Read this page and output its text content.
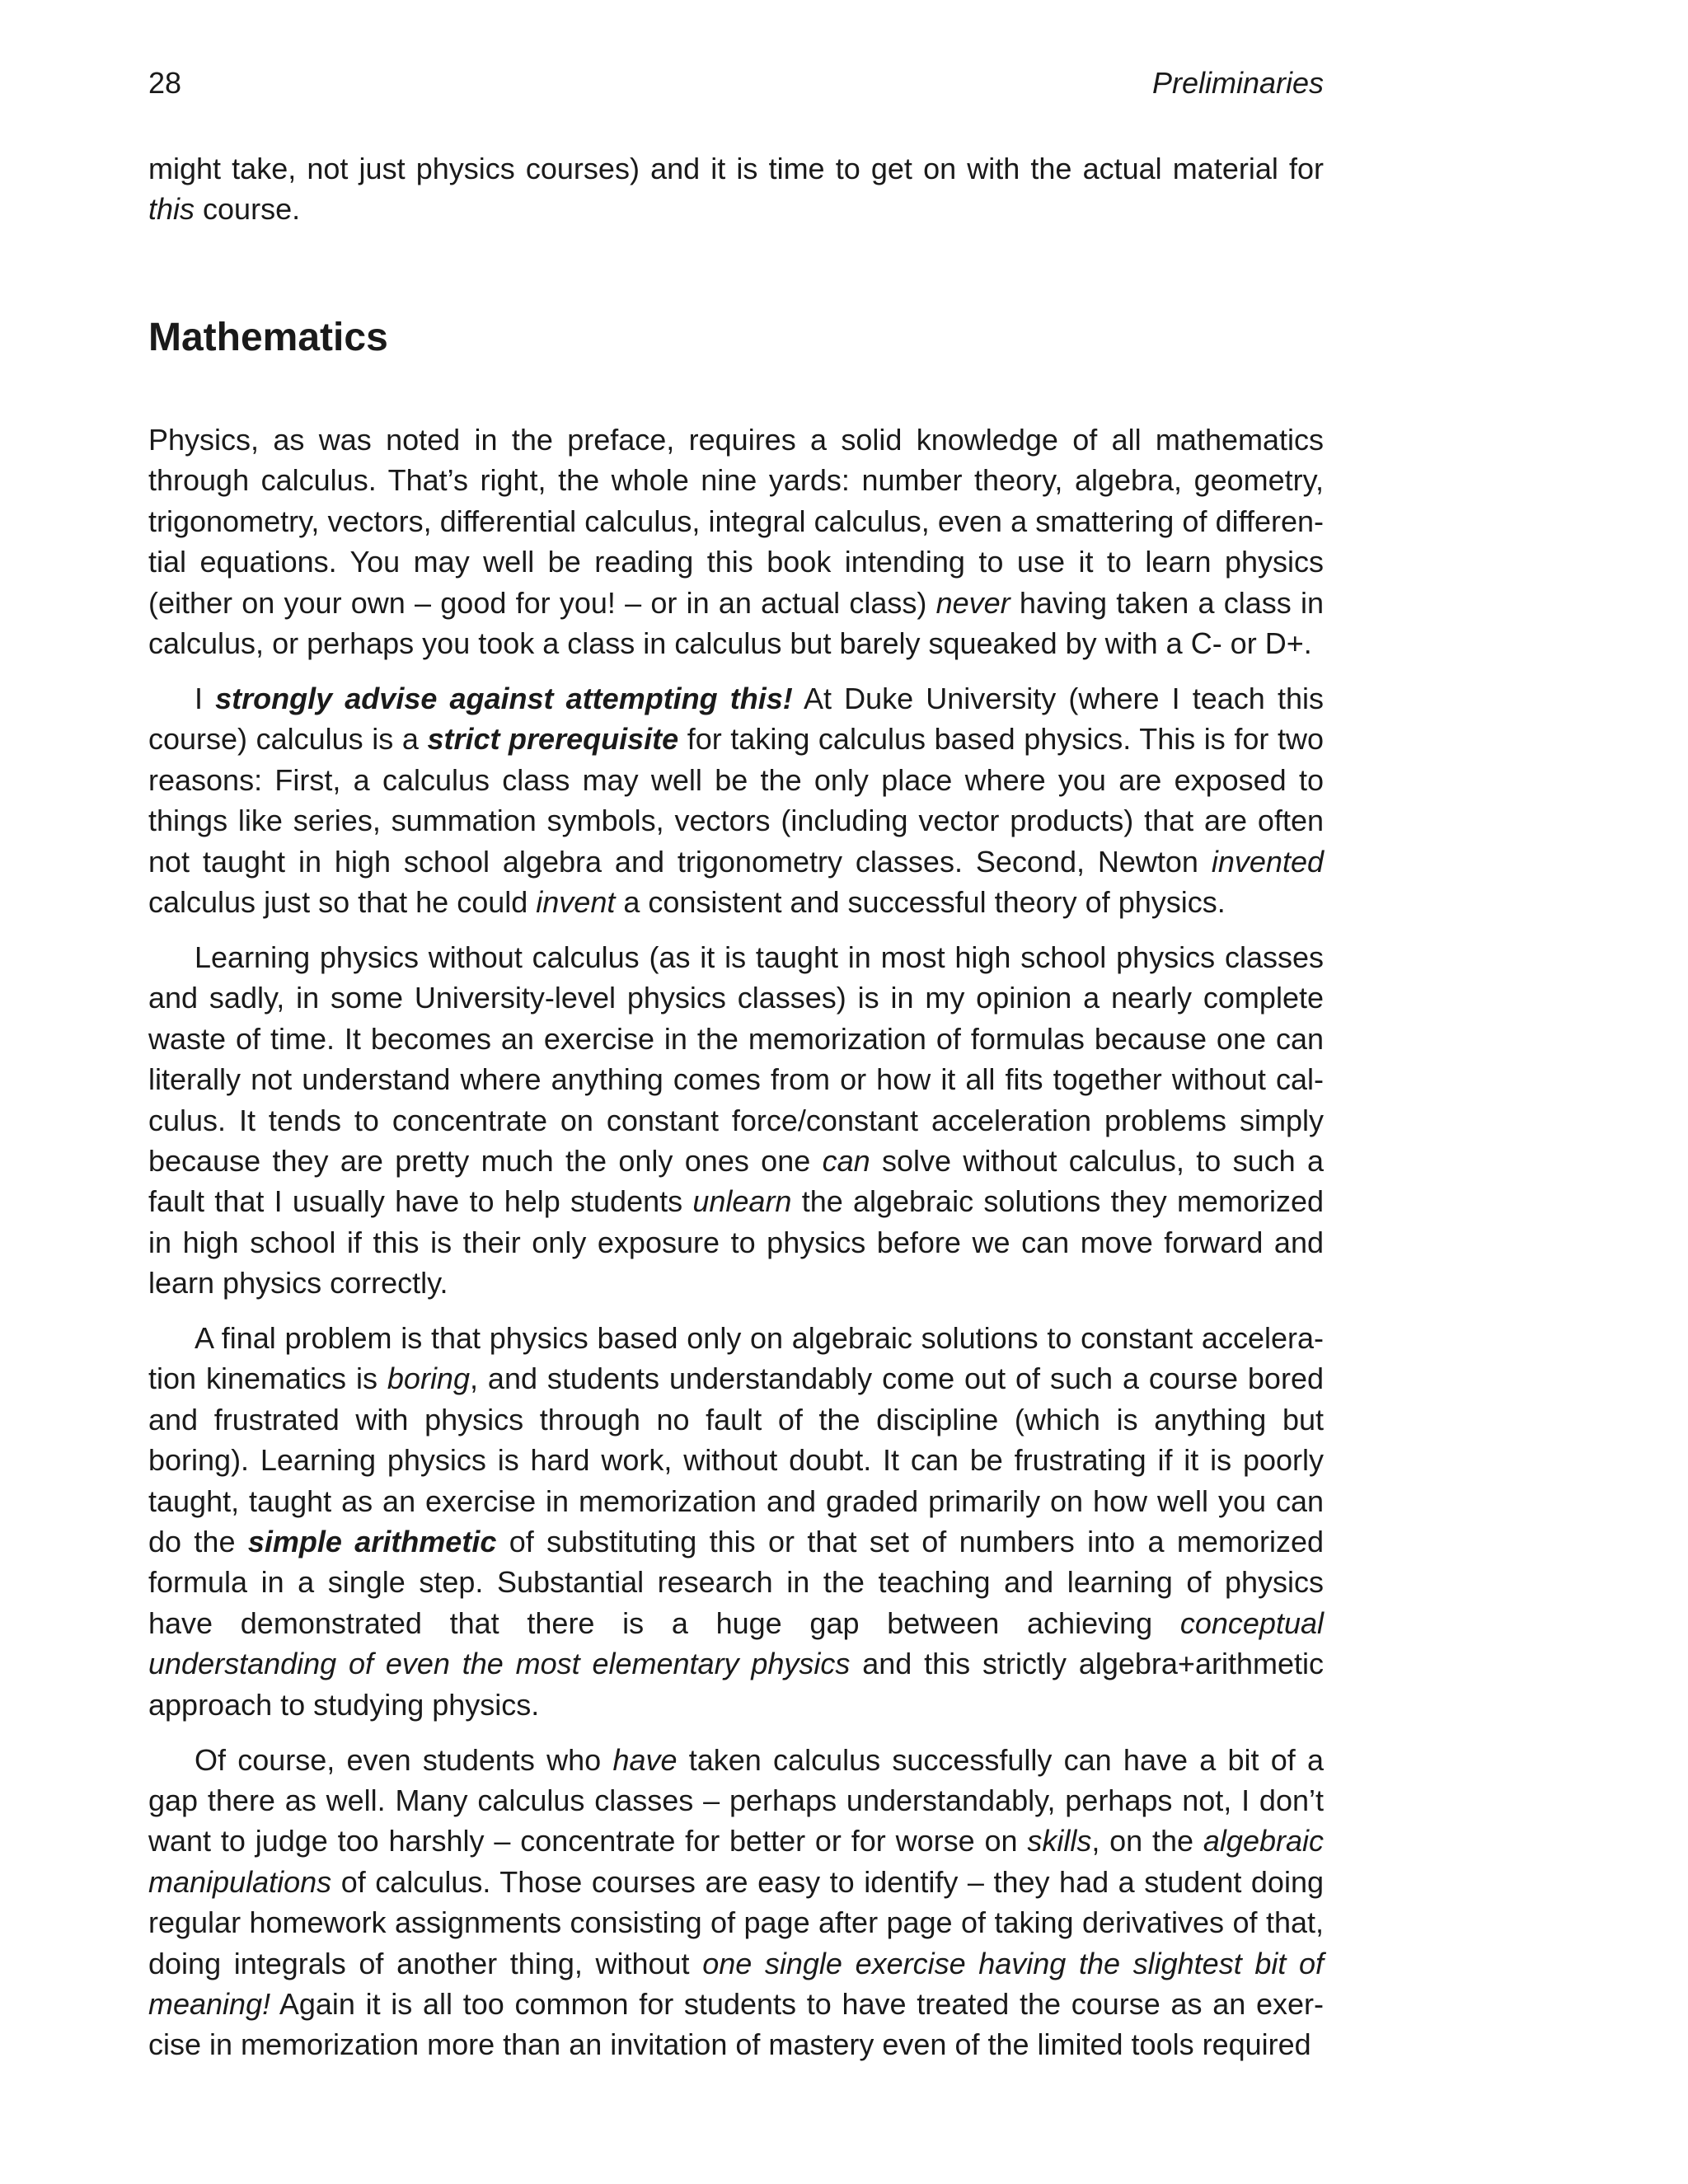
28	Preliminaries

might take, not just physics courses) and it is time to get on with the actual material for this course.

Mathematics

Physics, as was noted in the preface, requires a solid knowledge of all mathematics through calculus. That’s right, the whole nine yards: number theory, algebra, geometry, trigonometry, vectors, differential calculus, integral calculus, even a smattering of differential equations. You may well be reading this book intending to use it to learn physics (either on your own – good for you! – or in an actual class) never having taken a class in calculus, or perhaps you took a class in calculus but barely squeaked by with a C- or D+.

I strongly advise against attempting this! At Duke University (where I teach this course) calculus is a strict prerequisite for taking calculus based physics. This is for two reasons: First, a calculus class may well be the only place where you are exposed to things like series, summation symbols, vectors (including vector products) that are often not taught in high school algebra and trigonometry classes. Second, Newton invented calculus just so that he could invent a consistent and successful theory of physics.

Learning physics without calculus (as it is taught in most high school physics classes and sadly, in some University-level physics classes) is in my opinion a nearly complete waste of time. It becomes an exercise in the memorization of formulas because one can literally not understand where anything comes from or how it all fits together without calculus. It tends to concentrate on constant force/constant acceleration problems simply because they are pretty much the only ones one can solve without calculus, to such a fault that I usually have to help students unlearn the algebraic solutions they memorized in high school if this is their only exposure to physics before we can move forward and learn physics correctly.

A final problem is that physics based only on algebraic solutions to constant acceleration kinematics is boring, and students understandably come out of such a course bored and frustrated with physics through no fault of the discipline (which is anything but boring). Learning physics is hard work, without doubt. It can be frustrating if it is poorly taught, taught as an exercise in memorization and graded primarily on how well you can do the simple arithmetic of substituting this or that set of numbers into a memorized formula in a single step. Substantial research in the teaching and learning of physics have demonstrated that there is a huge gap between achieving conceptual understanding of even the most elementary physics and this strictly algebra+arithmetic approach to studying physics.

Of course, even students who have taken calculus successfully can have a bit of a gap there as well. Many calculus classes – perhaps understandably, perhaps not, I don’t want to judge too harshly – concentrate for better or for worse on skills, on the algebraic manipulations of calculus. Those courses are easy to identify – they had a student doing regular homework assignments consisting of page after page of taking derivatives of that, doing integrals of another thing, without one single exercise having the slightest bit of meaning! Again it is all too common for students to have treated the course as an exercise in memorization more than an invitation of mastery even of the limited tools required
